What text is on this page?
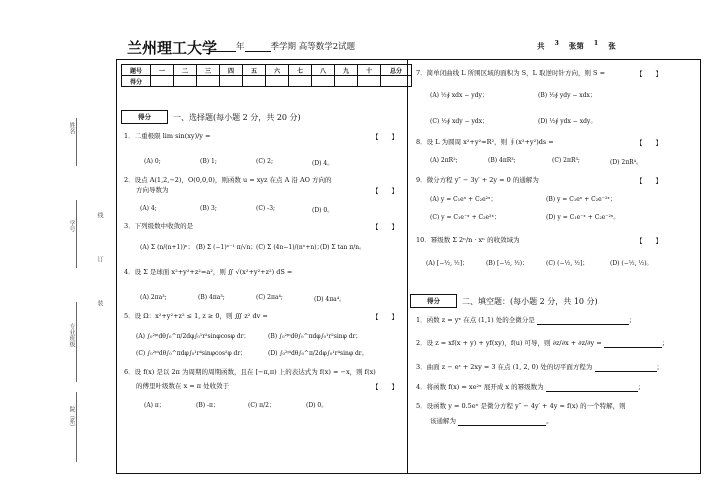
兰州理工大学	年	季学期 高等数学2试题	共 $^3$ 张第 $^1$ 张
姓名
学号
专业班级
院（系）
线
订
装
题号	一	二	三	四	五	六	七	八	九	十	总分
得分											
得分	一、选择题(每小题 2 分，共 20 分)
1．二重极限 lim sin(xy)/y =	【　　】
(A) 0;	(B) 1;	(C) 2;	(D) 4。
2．设点 A(1,2,−2)，O(0,0,0)，则函数 u = xyz 在点 A 沿 AO 方向的
方向导数为	【　　】
(A) 4;	(B) 3;	(C) -3;	(D) 0。
3．下列级数中收敛的是	【　　】
(A) Σ (n/(n+1))ⁿ； (B) Σ (−1)ⁿ⁻¹ π/√n； (C) Σ (4n−1)/(nⁿ+n)；
(D) Σ tan π/n。
4．设 Σ 是球面 x²+y²+z²=a²，则 ∬ √(x²+y²+z²) dS =
(A) 2πa³;	(B) 4πa³;	(C) 2πa⁴;	(D) 4πa⁴。
5．设 Ω：x²+y²+z² ≤ 1, z ≥ 0，则 ∭ z² dv =	【　　】
(A) ∫₀²ᵖⁱdθ∫₀^π/2dφ∫₀¹r²sinφcosφ dr；	(B) ∫₀²ᵖⁱdθ∫₀^πdφ∫₀¹r²sinφ dr；
(C) ∫₀²ᵖⁱdθ∫₀^πdφ∫₀¹r⁴sinφcos²φ dr；	(D) ∫₀²ᵖⁱdθ∫₀^π/2dφ∫₀¹r⁴sinφ dr。
6．设 f(x) 是以 2π 为周期的周期函数，且在 [−π,π) 上的表达式为 f(x) = −x，则 f(x)
的傅里叶级数在 x = π 处收敛于	【　　】
(A) π；	(B) -π；	(C) π/2；	(D) 0。
7．简单闭曲线 L 所围区域的面积为 S，L 取逆时针方向，则 S =	【　　】
(A) ½∮ xdx − ydy；	(B) ½∮ ydy − xdx；
(C) ½∮ xdy − ydx；	(D) ½∮ ydx − xdy。
8．设 L 为圆周 x²+y²=R²，则 ∮(x²+y²)ds =	【　　】
(A) 2πR²;	(B) 4πR³;	(C) 2πR³;	(D) 2πR⁴。
9．微分方程 y″ − 3y′ + 2y = 0 的通解为	【　　】
(A) y = C₁eˣ + C₂e²ˣ；	(B) y = C₁eˣ + C₂e⁻²ˣ；
(C) y = C₁e⁻ˣ + C₂e²ˣ；	(D) y = C₁e⁻ˣ + C₂e⁻²ˣ。
10．幂级数 Σ 2ⁿ/n · xⁿ 的收敛域为	【　　】
(A) [−½, ½]；	(B) [−½, ½)；	(C) (−½, ½]；	(D) (−½, ½)。
得分	二、填空题：(每小题 2 分，共 10 分)
1．函数 z = yˣ 在点 (1,1) 处的全微分是	；
2．设 z = xf(x + y) + yf(xy)，f(u) 可导，则 ∂z/∂x + ∂z/∂y =	；
3．曲面 z − eᶻ + 2xy = 3 在点 (1, 2, 0) 处的切平面方程为	；
4．将函数 f(x) = xe²ˣ 展开成 x 的幂级数为	；
5．设函数 y = 0.5eˣ 是微分方程 y″ − 4y′ + 4y = f(x) 的一个特解，则
该通解为	。
